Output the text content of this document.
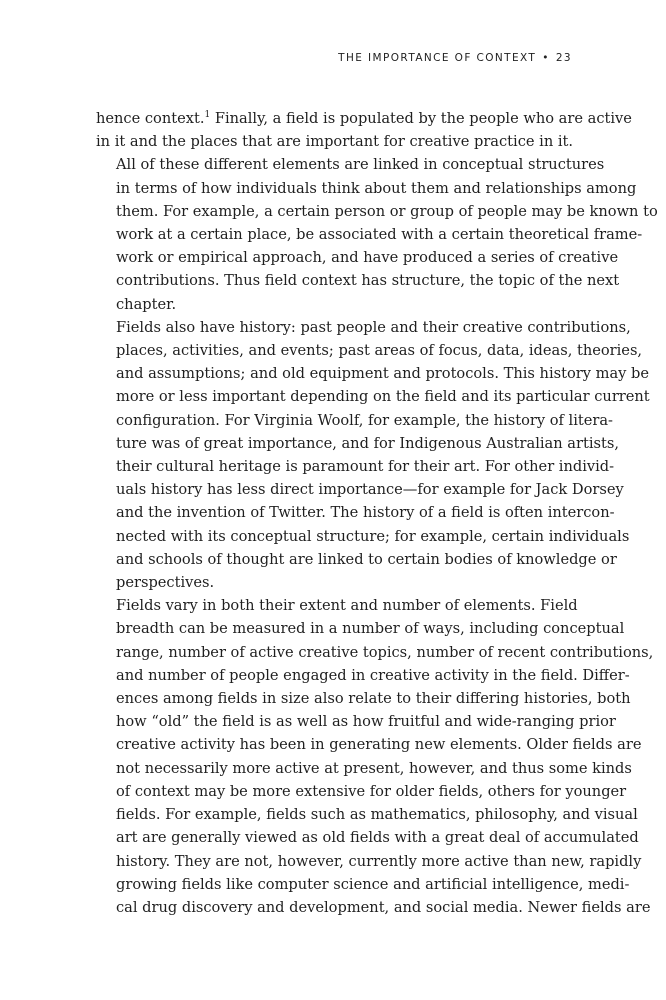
THE IMPORTANCE OF CONTEXT • 23

hence context.$^1$ Finally, a field is populated by the people who are active
in it and the places that are important for creative practice in it.

All of these different elements are linked in conceptual structures
in terms of how individuals think about them and relationships among
them. For example, a certain person or group of people may be known to
work at a certain place, be associated with a certain theoretical frame-
work or empirical approach, and have produced a series of creative
contributions. Thus field context has structure, the topic of the next
chapter.

Fields also have history: past people and their creative contributions,
places, activities, and events; past areas of focus, data, ideas, theories,
and assumptions; and old equipment and protocols. This history may be
more or less important depending on the field and its particular current
configuration. For Virginia Woolf, for example, the history of litera-
ture was of great importance, and for Indigenous Australian artists,
their cultural heritage is paramount for their art. For other individ-
uals history has less direct importance—for example for Jack Dorsey
and the invention of Twitter. The history of a field is often intercon-
nected with its conceptual structure; for example, certain individuals
and schools of thought are linked to certain bodies of knowledge or
perspectives.

Fields vary in both their extent and number of elements. Field
breadth can be measured in a number of ways, including conceptual
range, number of active creative topics, number of recent contributions,
and number of people engaged in creative activity in the field. Differ-
ences among fields in size also relate to their differing histories, both
how “old” the field is as well as how fruitful and wide-ranging prior
creative activity has been in generating new elements. Older fields are
not necessarily more active at present, however, and thus some kinds
of context may be more extensive for older fields, others for younger
fields. For example, fields such as mathematics, philosophy, and visual
art are generally viewed as old fields with a great deal of accumulated
history. They are not, however, currently more active than new, rapidly
growing fields like computer science and artificial intelligence, medi-
cal drug discovery and development, and social media. Newer fields are
